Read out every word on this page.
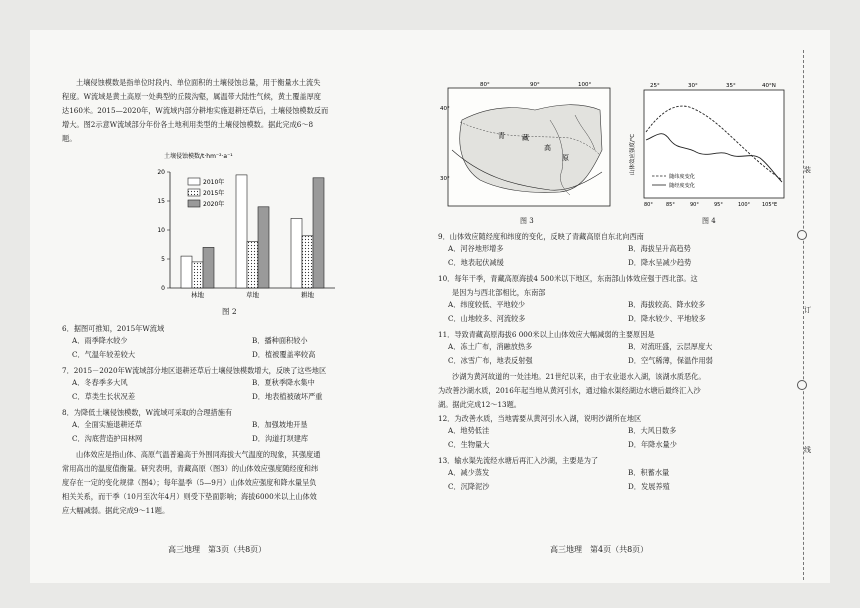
土壤侵蚀模数是指单位时段内、单位面积的土壤侵蚀总量，用于衡量水土流失

程度。W流域是黄土高原一处典型的丘陵沟壑，属温带大陆性气候，黄土覆盖厚度

达160米。2015—2020年，W流域内部分耕地实施退耕还草后，土壤侵蚀模数反而

增大。图2示意W流域部分年份各土地利用类型的土壤侵蚀模数。据此完成6～8

题。

土壤侵蚀模数/t·hm⁻²·a⁻¹
0
5
10
15
20
林地	草地	耕地
2010年
2015年
2020年
图 2

6．据图可推知，2015年W流域

A．雨季降水较少	B．播种面积较小
C．气温年较差较大	D．植被覆盖率较高

7．2015－2020年W流域部分地区退耕还草后土壤侵蚀模数增大，反映了这些地区

A．冬春季多大风	B．夏秋季降水集中
C．草类生长状况差	D．地表植被破坏严重

8．为降低土壤侵蚀模数，W流域可采取的合理措施有

A．全面实施退耕还草	B．加强坡地开垦
C．沟底营造护田林网	D．沟道打坝建库

山体效应是指山体、高原气温普遍高于外围同海拔大气温度的现象，其强度通

常用高出的温度值衡量。研究表明，青藏高原（图3）的山体效应强度随经度和纬

度存在一定的变化规律（图4）；每年温季（5—9月）山体效应强度和降水量呈负

相关关系，而干季（10月至次年4月）则受下垫面影响；海拔6000米以上山体效

应大幅减弱。据此完成9～11题。

高三地理　第3页（共8页）
80°	90°	100°
40°
30°
青 藏
高
原
图 3
山体效应强度/℃
25°	30°	35°	40°N
80°	85°	90°	95°	100° 105°E
随纬度变化
随经度变化
图 4

9．山体效应随经度和纬度的变化，反映了青藏高原自东北向西南

A．河谷地形增多	B．海拔呈升高趋势
C．地表起伏减缓	D．降水呈减少趋势

10．每年干季，青藏高原海拔4 500米以下地区，东南部山体效应强于西北部。这

是因为与西北部相比，东南部

A．纬度较低、平地较少	B．海拔较高、降水较多
C．山地较多、河流较多	D．降水较少、平地较多

11．导致青藏高原海拔6 000米以上山体效应大幅减弱的主要原因是

A．冻土广布，消融放热多	B．对流旺盛，云层厚度大
C．冰雪广布，地表反射强	D．空气稀薄，保温作用弱

沙湖为黄河故道的一处洼地。21世纪以来，由于农业退水入湖，该湖水质恶化。

为改善沙湖水质，2016年起当地从黄河引水，通过输水渠经湖边水塘后最终汇入沙

湖。据此完成12～13题。

12．为改善水质，当地需要从黄河引水入湖，说明沙湖所在地区

A．地势低洼	B．大风日数多
C．生物量大	D．年降水量少

13．输水渠先流经水塘后再汇入沙湖，主要是为了

A．减少蒸发	B．积蓄水量
C．沉降泥沙	D．发展养殖
高三地理　第4页（共8页）
装
订
线
